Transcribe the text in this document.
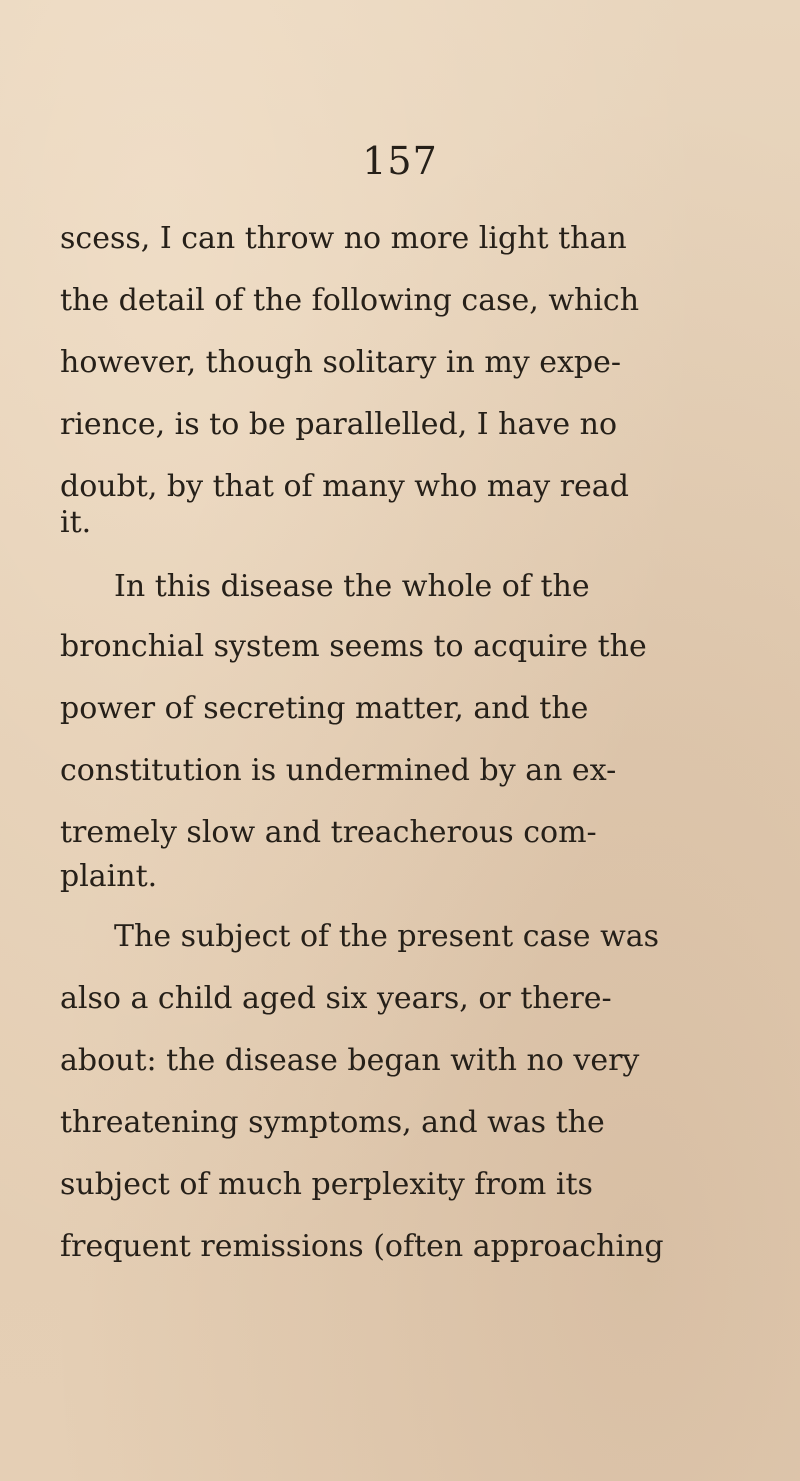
157
scess, I can throw no more light than
the detail of the following case, which
however, though solitary in my expe-
rience, is to be parallelled, I have no
doubt, by that of many who may read
it.
In this disease the whole of the
bronchial system seems to acquire the
power of secreting matter, and the
constitution is undermined by an ex-
tremely slow and treacherous com-
plaint.
The subject of the present case was
also a child aged six years, or there-
about: the disease began with no very
threatening symptoms, and was the
subject of much perplexity from its
frequent remissions (often approaching
